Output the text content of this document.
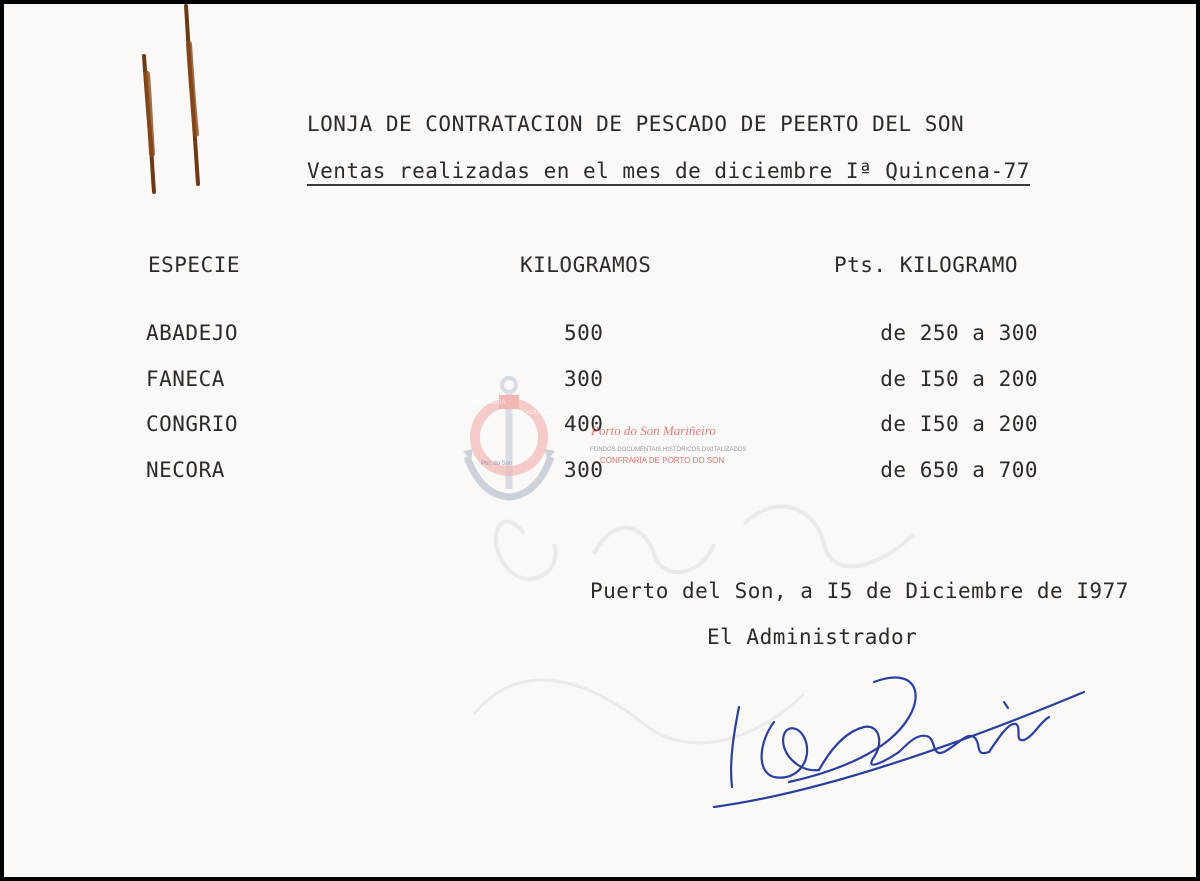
LONJA DE CONTRATACION DE PESCADO DE PEERTO DEL SON
Ventas realizadas en el mes de diciembre Iª Quincena-77
ESPECIE	KILOGRAMOS	Pts. KILOGRAMO
ABADEJO	500	de 250 a 300
FANECA	300	de I50 a 200
CONGRIO	400	de I50 a 200
NECORA	300	de 650 a 700
CONFRARÍA
PESCADORES
Pto. do Son
Porto do Son Mariñeiro
FONDOS DOCUMENTAIS HISTÓRICOS DIXITALIZADOS
CONFRARÍA DE PORTO DO SON
Puerto del Son, a I5 de Diciembre de I977
El Administrador
